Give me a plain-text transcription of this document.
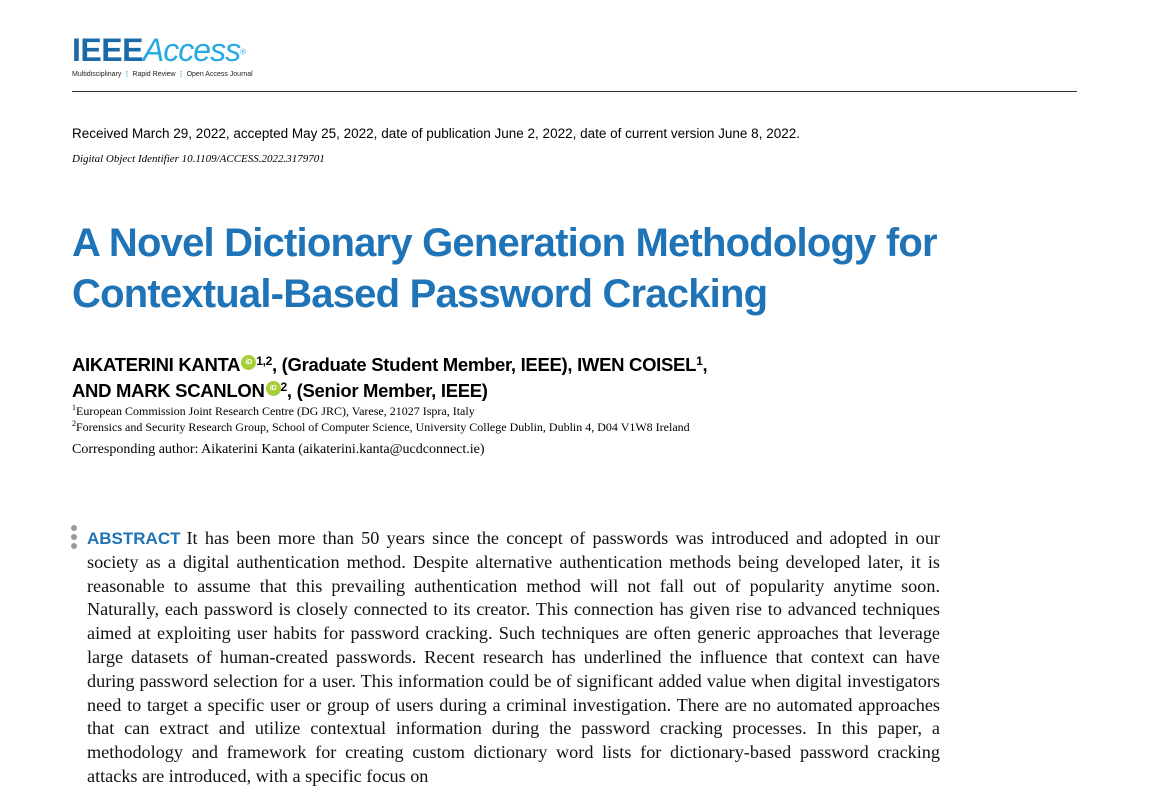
IEEEAccess®
Multidisciplinary ⋮ Rapid Review ⋮ Open Access Journal
Received March 29, 2022, accepted May 25, 2022, date of publication June 2, 2022, date of current version June 8, 2022.
Digital Object Identifier 10.1109/ACCESS.2022.3179701
A Novel Dictionary Generation Methodology for
Contextual-Based Password Cracking
AIKATERINI KANTA iD $^{1,2}$, (Graduate Student Member, IEEE), IWEN COISEL$^1$,
AND MARK SCANLON iD $^2$, (Senior Member, IEEE)
$^1$European Commission Joint Research Centre (DG JRC), Varese, 21027 Ispra, Italy
$^2$Forensics and Security Research Group, School of Computer Science, University College Dublin, Dublin 4, D04 V1W8 Ireland
Corresponding author: Aikaterini Kanta (aikaterini.kanta@ucdconnect.ie)

ABSTRACT It has been more than 50 years since the concept of passwords was introduced and adopted in our society as a digital authentication method. Despite alternative authentication methods being developed later, it is reasonable to assume that this prevailing authentication method will not fall out of popularity anytime soon. Naturally, each password is closely connected to its creator. This connection has given rise to advanced techniques aimed at exploiting user habits for password cracking. Such techniques are often generic approaches that leverage large datasets of human-created passwords. Recent research has underlined the influence that context can have during password selection for a user. This information could be of significant added value when digital investigators need to target a specific user or group of users during a criminal investigation. There are no automated approaches that can extract and utilize contextual information during the password cracking processes. In this paper, a methodology and framework for creating custom dictionary word lists for dictionary-based password cracking attacks are introduced, with a specific focus on
